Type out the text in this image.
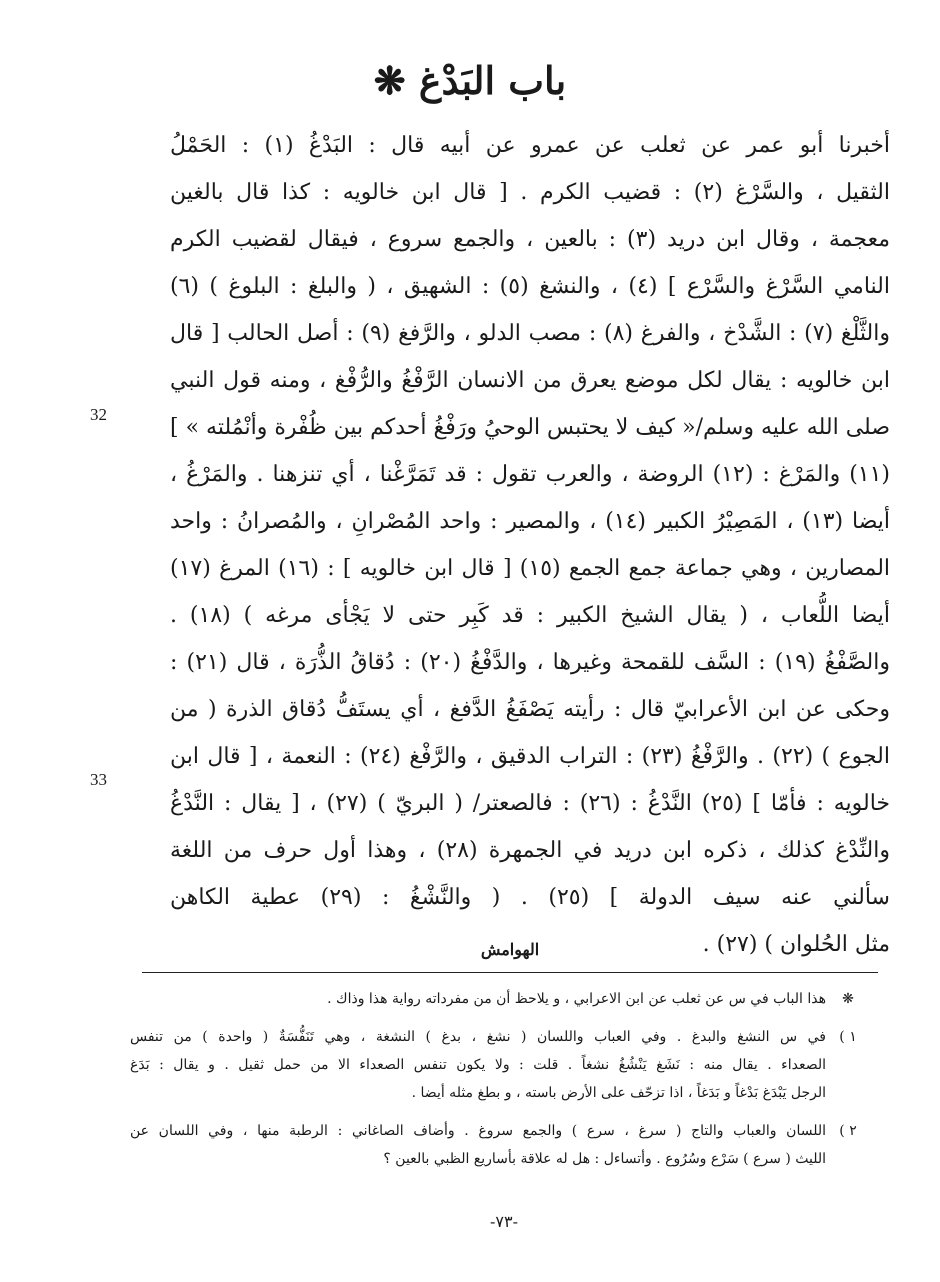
باب البَدْغ ❋
أخبرنا أبو عمر عن ثعلب عن عمرو عن أبيه قال : البَدْغُ (١) : الحَمْلُ
الثقيل ، والسَّرْغ (٢) : قضيب الكرم . [ قال ابن خالويه : كذا قال بالغين
معجمة ، وقال ابن دريد (٣) : بالعين ، والجمع سروع ، فيقال لقضيب الكرم
النامي السَّرْغ والسَّرْع ] (٤) ، والنشغ (٥) : الشهيق ، ( والبلغ : البلوغ ) (٦)
والثَّلْغ (٧) : الشَّدْخ ، والفرغ (٨) : مصب الدلو ، والرَّفغ (٩) : أصل الحالب [ قال
ابن خالويه : يقال لكل موضع يعرق من الانسان الرَّفْغُ والرُّفْغ ، ومنه قول النبي
صلى الله عليه وسلم/« كيف لا يحتبس الوحيُ ورَفْغُ أحدكم بين ظُفْرة وأنْمُلته » ]
(١١) والمَرْغ : (١٢) الروضة ، والعرب تقول : قد تَمَرَّغْنا ، أي تنزهنا . والمَرْغُ ،
أيضا (١٣) ، المَصِيْرُ الكبير (١٤) ، والمصير : واحد المُصْرانِ ، والمُصرانُ : واحد
المصارين ، وهي جماعة جمع الجمع (١٥) [ قال ابن خالويه ] : (١٦) المرغ (١٧)
أيضا اللُّعاب ، ( يقال الشيخ الكبير : قد كَبِر حتى لا يَجْأى مرغه ) (١٨) .
والصَّفْغُ (١٩) : السَّف للقمحة وغيرها ، والدَّفْغُ (٢٠) : دُقاقُ الذُّرَة ، قال (٢١) :
وحكى عن ابن الأعرابيّ قال : رأيته يَصْفَغُ الدَّفغ ، أي يستَفُّ دُقاق الذرة ( من
الجوع ) (٢٢) . والرَّفْغُ (٢٣) : التراب الدقيق ، والرَّفْغ (٢٤) : النعمة ، [ قال ابن
خالويه : فأمّا ] (٢٥) النَّدْغُ : (٢٦) : فالصعتر/ ( البريّ ) (٢٧) ، [ يقال : النَّدْغُ
والنِّدْغ كذلك ، ذكره ابن دريد في الجمهرة (٢٨) ، وهذا أول حرف من اللغة
سألني عنه سيف الدولة ] (٢٥) . ( والنَّشْغُ : (٢٩) عطية الكاهن
مثل الحُلوان ) (٢٧) .
32
33
الهوامش
❋
هذا الباب في س عن ثعلب عن ابن الاعرابي ، و يلاحظ أن من مفرداته رواية هذا وذاك .
١ )
في س النشغ والبدغ . وفي العباب واللسان ( نشغ ، بدغ ) النشغة ، وهي تَنَفُّسَةٌ ( واحدة ) من تنفس
الصعداء . يقال منه : نَشَغ يَنْشُغُ نشغاً . قلت : ولا يكون تنفس الصعداء الا من حمل ثقيل . و يقال : بَدَغ
الرجل يَبْدَغ بَدْغاً و بَدَغاً ، اذا تزحّف على الأرض باسته ، و بطغ مثله أيضا .
٢ )
اللسان والعباب والتاج ( سرغ ، سرع ) والجمع سروغ . وأضاف الصاغاني : الرطبة منها ، وفي اللسان عن
الليث ( سرع ) سَرْع وسُرُوع . وأتساءل : هل له علاقة بأساريع الظبي بالعين ؟
-٧٣-
